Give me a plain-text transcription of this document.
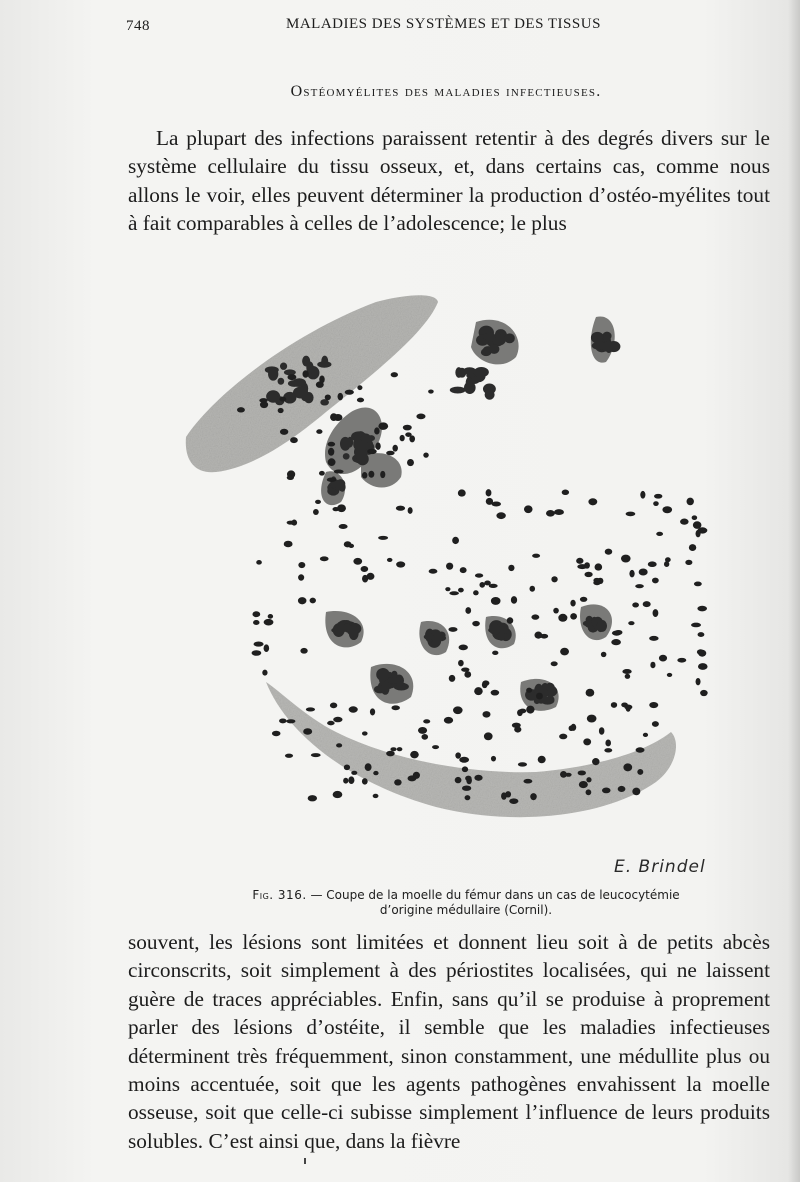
748	MALADIES DES SYSTÈMES ET DES TISSUS
Ostéomyélites des maladies infectieuses.

La plupart des infections paraissent retentir à des degrés divers sur le système cellulaire du tissu osseux, et, dans certains cas, comme nous allons le voir, elles peuvent déterminer la production d’ostéo-myélites tout à fait comparables à celles de l’adolescence; le plus

E. Brindel
Fig. 316. — Coupe de la moelle du fémur dans un cas de leucocytémie d’origine médullaire (Cornil).

souvent, les lésions sont limitées et donnent lieu soit à de petits abcès circonscrits, soit simplement à des périostites localisées, qui ne laissent guère de traces appréciables. Enfin, sans qu’il se produise à proprement parler des lésions d’ostéite, il semble que les maladies infectieuses déterminent très fréquemment, sinon constamment, une médullite plus ou moins accentuée, soit que les agents pathogènes envahissent la moelle osseuse, soit que celle-ci subisse simplement l’influence de leurs produits solubles. C’est ainsi que, dans la fièvre
